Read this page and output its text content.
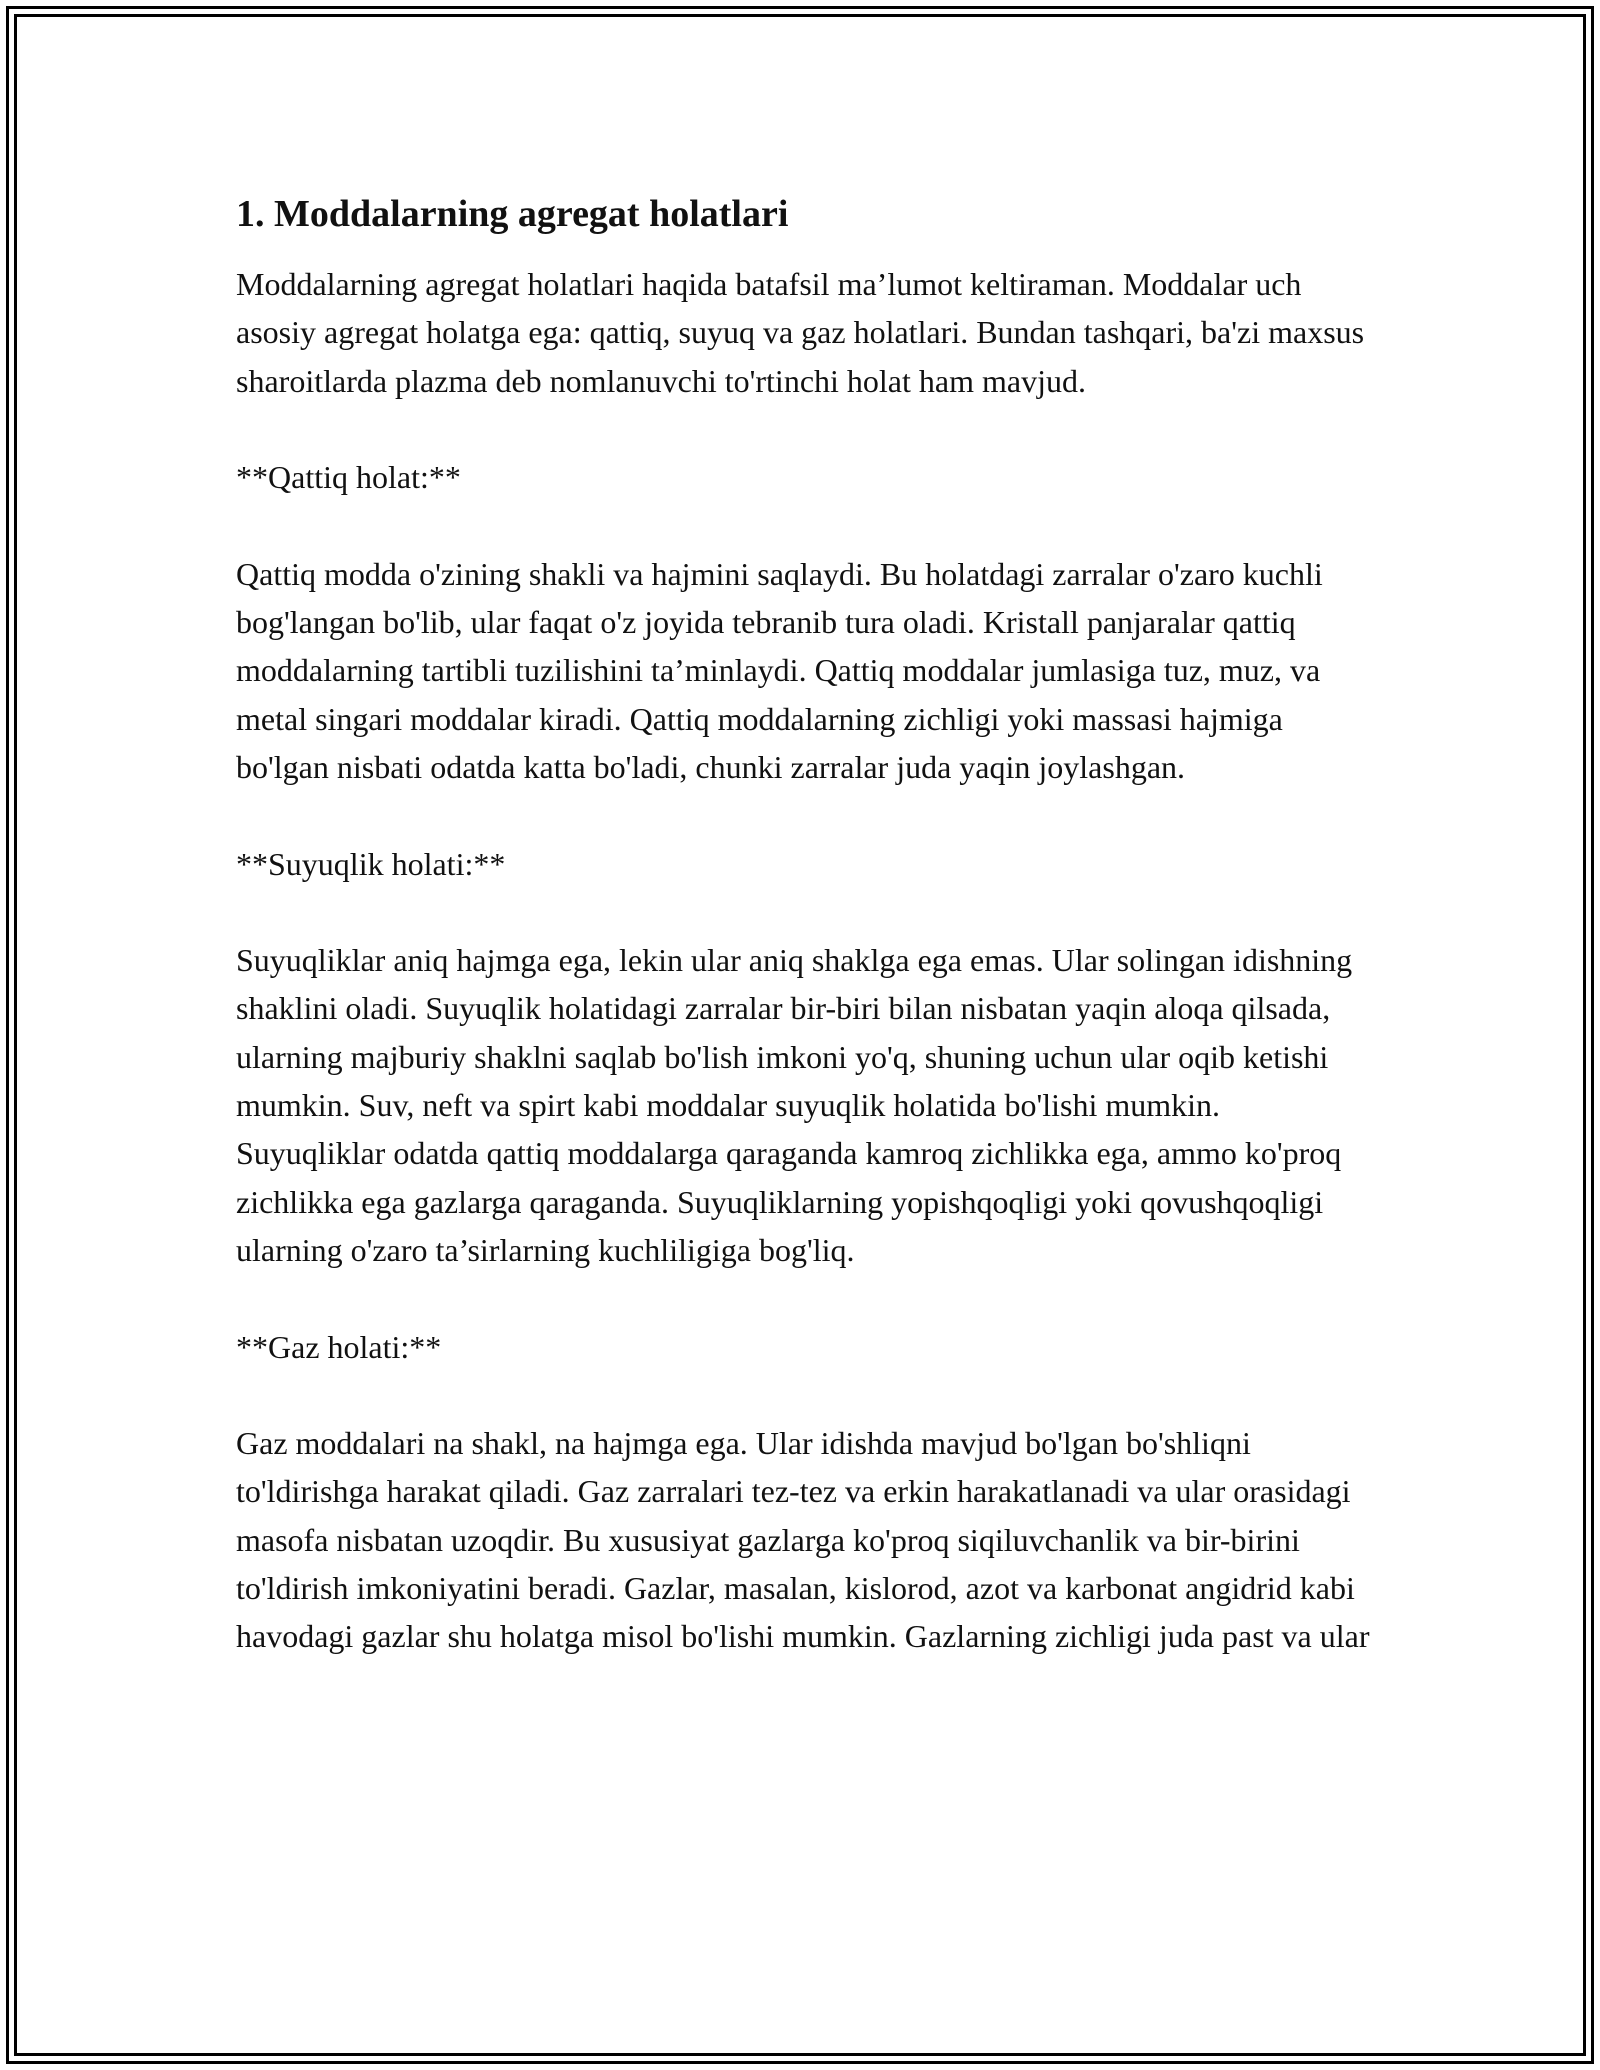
1. Moddalarning agregat holatlari

Moddalarning agregat holatlari haqida batafsil ma’lumot keltiraman. Moddalar uch asosiy agregat holatga ega: qattiq, suyuq va gaz holatlari. Bundan tashqari, ba'zi maxsus sharoitlarda plazma deb nomlanuvchi to'rtinchi holat ham mavjud.

**Qattiq holat:**

Qattiq modda o'zining shakli va hajmini saqlaydi. Bu holatdagi zarralar o'zaro kuchli bog'langan bo'lib, ular faqat o'z joyida tebranib tura oladi. Kristall panjaralar qattiq moddalarning tartibli tuzilishini ta’minlaydi. Qattiq moddalar jumlasiga tuz, muz, va metal singari moddalar kiradi. Qattiq moddalarning zichligi yoki massasi hajmiga bo'lgan nisbati odatda katta bo'ladi, chunki zarralar juda yaqin joylashgan.

**Suyuqlik holati:**

Suyuqliklar aniq hajmga ega, lekin ular aniq shaklga ega emas. Ular solingan idishning shaklini oladi. Suyuqlik holatidagi zarralar bir-biri bilan nisbatan yaqin aloqa qilsada, ularning majburiy shaklni saqlab bo'lish imkoni yo'q, shuning uchun ular oqib ketishi mumkin. Suv, neft va spirt kabi moddalar suyuqlik holatida bo'lishi mumkin. Suyuqliklar odatda qattiq moddalarga qaraganda kamroq zichlikka ega, ammo ko'proq zichlikka ega gazlarga qaraganda. Suyuqliklarning yopishqoqligi yoki qovushqoqligi ularning o'zaro ta’sirlarning kuchliligiga bog'liq.

**Gaz holati:**

Gaz moddalari na shakl, na hajmga ega. Ular idishda mavjud bo'lgan bo'shliqni to'ldirishga harakat qiladi. Gaz zarralari tez-tez va erkin harakatlanadi va ular orasidagi masofa nisbatan uzoqdir. Bu xususiyat gazlarga ko'proq siqiluvchanlik va bir-birini to'ldirish imkoniyatini beradi. Gazlar, masalan, kislorod, azot va karbonat angidrid kabi havodagi gazlar shu holatga misol bo'lishi mumkin. Gazlarning zichligi juda past va ular
